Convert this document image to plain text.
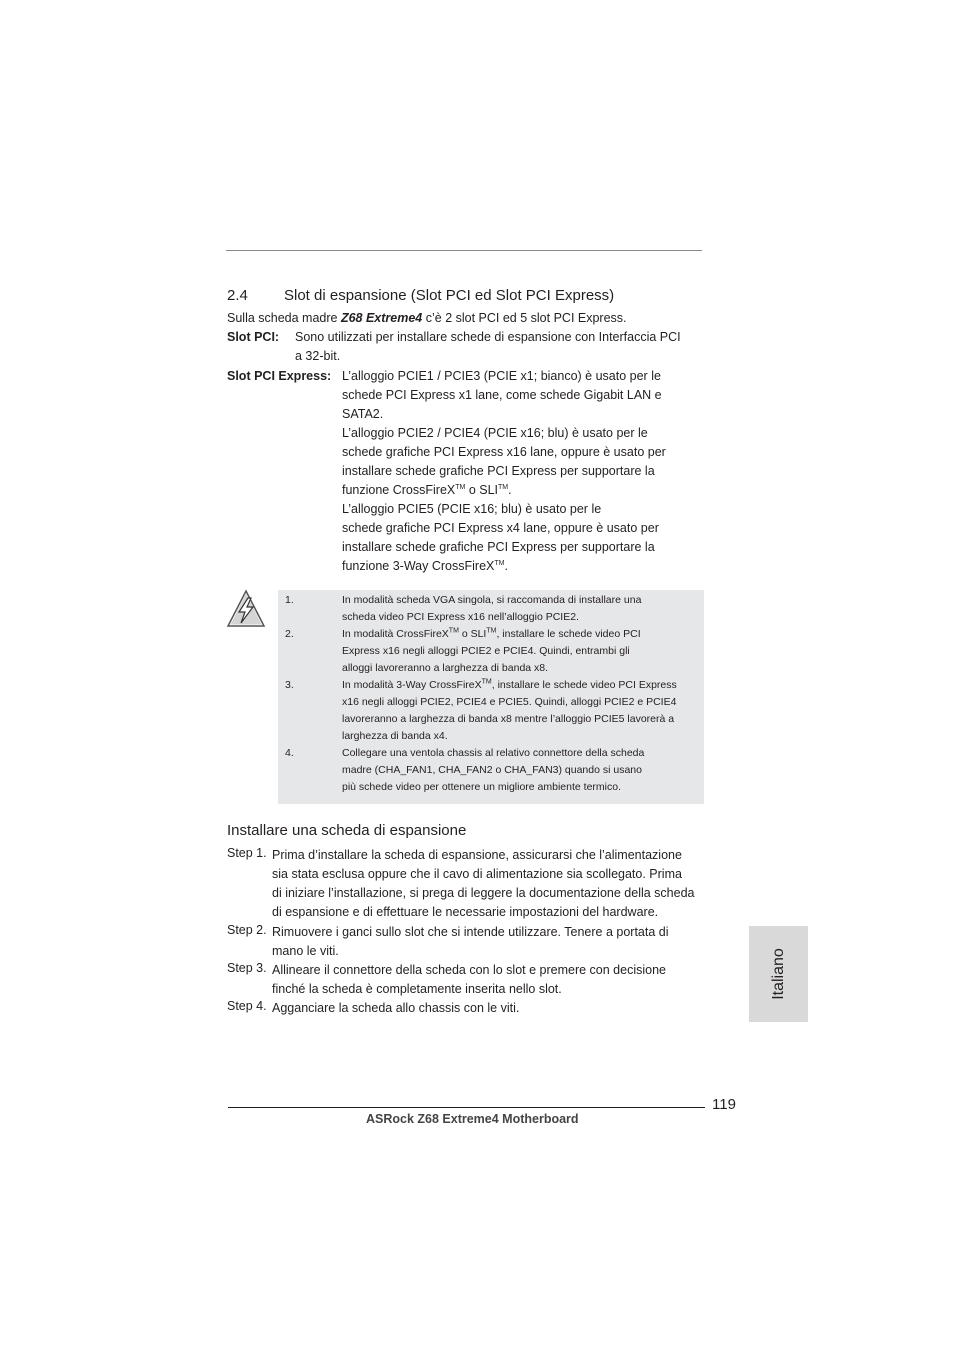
2.4 Slot di espansione (Slot PCI ed Slot PCI Express)
Sulla scheda madre Z68 Extreme4 c’è 2 slot PCI ed 5 slot PCI Express.
Slot PCI: Sono utilizzati per installare schede di espansione con Interfaccia PCI
a 32-bit.
Slot PCI Express: L’alloggio PCIE1 / PCIE3 (PCIE x1; bianco) è usato per le
schede PCI Express x1 lane, come schede Gigabit LAN e
SATA2.
L’alloggio PCIE2 / PCIE4 (PCIE x16; blu) è usato per le
schede grafiche PCI Express x16 lane, oppure è usato per
installare schede grafiche PCI Express per supportare la
funzione CrossFireX™ o SLI™.
L’alloggio PCIE5 (PCIE x16; blu) è usato per le
schede grafiche PCI Express x4 lane, oppure è usato per
installare schede grafiche PCI Express per supportare la
funzione 3-Way CrossFireX™.
1.	In modalità scheda VGA singola, si raccomanda di installare una
scheda video PCI Express x16 nell’alloggio PCIE2.
2.	In modalità CrossFireX™ o SLI™, installare le schede video PCI
Express x16 negli alloggi PCIE2 e PCIE4. Quindi, entrambi gli
alloggi lavoreranno a larghezza di banda x8.
3.	In modalità 3-Way CrossFireX™, installare le schede video PCI Express
x16 negli alloggi PCIE2, PCIE4 e PCIE5. Quindi, alloggi PCIE2 e PCIE4
lavoreranno a larghezza di banda x8 mentre l’alloggio PCIE5 lavorerà a
larghezza di banda x4.
4.	Collegare una ventola chassis al relativo connettore della scheda
madre (CHA_FAN1, CHA_FAN2 o CHA_FAN3) quando si usano
più schede video per ottenere un migliore ambiente termico.
Installare una scheda di espansione
Step 1. Prima d’installare la scheda di espansione, assicurarsi che l’alimentazione
sia stata esclusa oppure che il cavo di alimentazione sia scollegato. Prima
di iniziare l’installazione, si prega di leggere la documentazione della scheda
di espansione e di effettuare le necessarie impostazioni del hardware.
Step 2. Rimuovere i ganci sullo slot che si intende utilizzare. Tenere a portata di
mano le viti.
Step 3. Allineare il connettore della scheda con lo slot e premere con decisione
finché la scheda è completamente inserita nello slot.
Step 4. Agganciare la scheda allo chassis con le viti.
Italiano
119
ASRock Z68 Extreme4 Motherboard
